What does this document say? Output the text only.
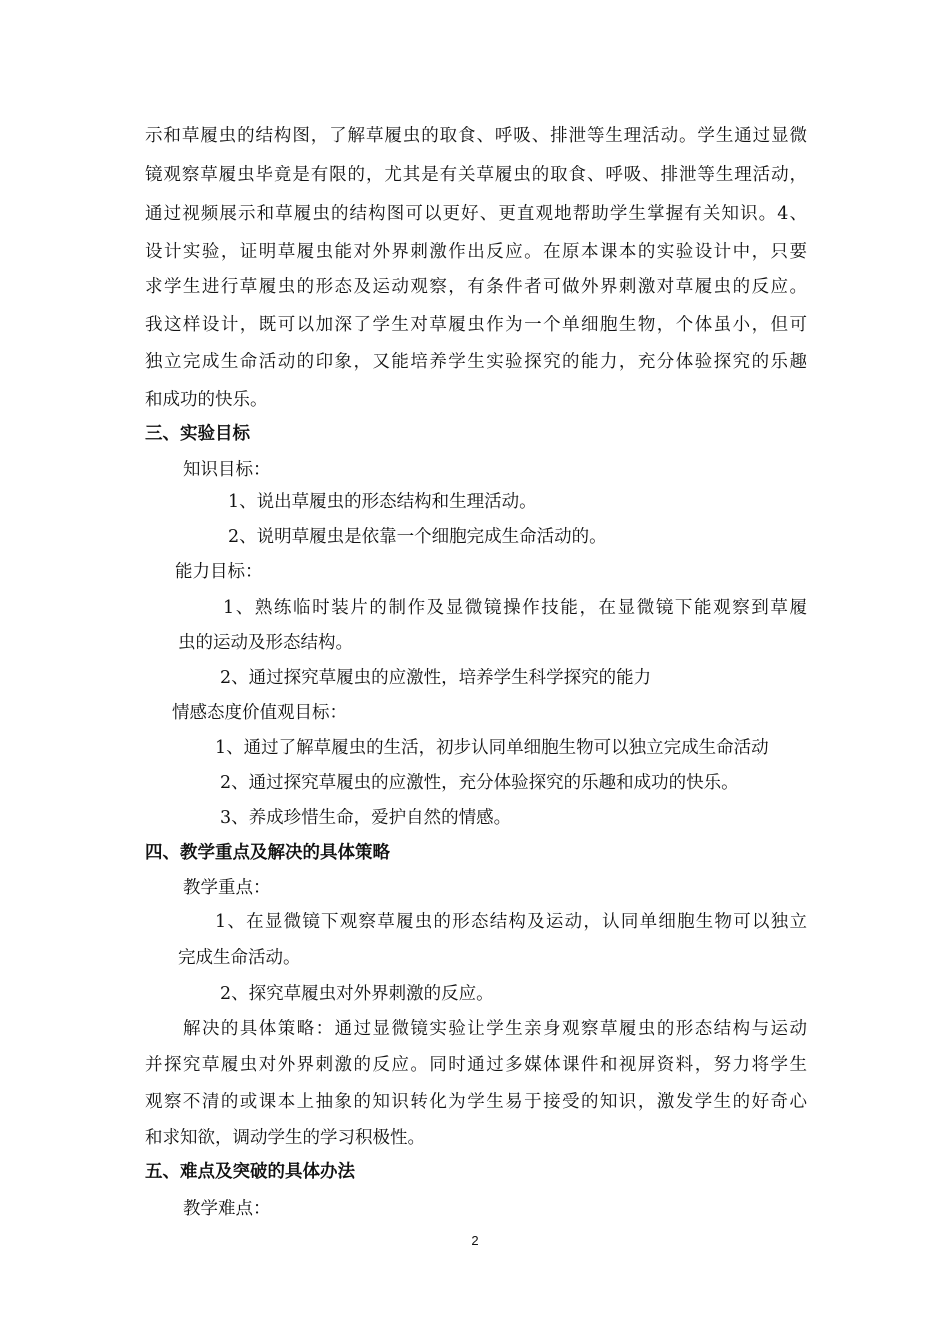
示和草履虫的结构图，了解草履虫的取食、呼吸、排泄等生理活动。学生通过显微
镜观察草履虫毕竟是有限的，尤其是有关草履虫的取食、呼吸、排泄等生理活动，
通过视频展示和草履虫的结构图可以更好、更直观地帮助学生掌握有关知识。4、
设计实验，证明草履虫能对外界刺激作出反应。在原本课本的实验设计中，只要
求学生进行草履虫的形态及运动观察，有条件者可做外界刺激对草履虫的反应。
我这样设计，既可以加深了学生对草履虫作为一个单细胞生物，个体虽小，但可
独立完成生命活动的印象，又能培养学生实验探究的能力，充分体验探究的乐趣
和成功的快乐。
三、实验目标
知识目标：
1、说出草履虫的形态结构和生理活动。
2、说明草履虫是依靠一个细胞完成生命活动的。
能力目标：
1、熟练临时装片的制作及显微镜操作技能，在显微镜下能观察到草履
虫的运动及形态结构。
2、通过探究草履虫的应激性，培养学生科学探究的能力
情感态度价值观目标：
1、通过了解草履虫的生活，初步认同单细胞生物可以独立完成生命活动
2、通过探究草履虫的应激性，充分体验探究的乐趣和成功的快乐。
3、养成珍惜生命，爱护自然的情感。
四、教学重点及解决的具体策略
教学重点：
1、在显微镜下观察草履虫的形态结构及运动，认同单细胞生物可以独立
完成生命活动。
2、探究草履虫对外界刺激的反应。
解决的具体策略：通过显微镜实验让学生亲身观察草履虫的形态结构与运动
并探究草履虫对外界刺激的反应。同时通过多媒体课件和视屏资料，努力将学生
观察不清的或课本上抽象的知识转化为学生易于接受的知识，激发学生的好奇心
和求知欲，调动学生的学习积极性。
五、难点及突破的具体办法
教学难点：
2
